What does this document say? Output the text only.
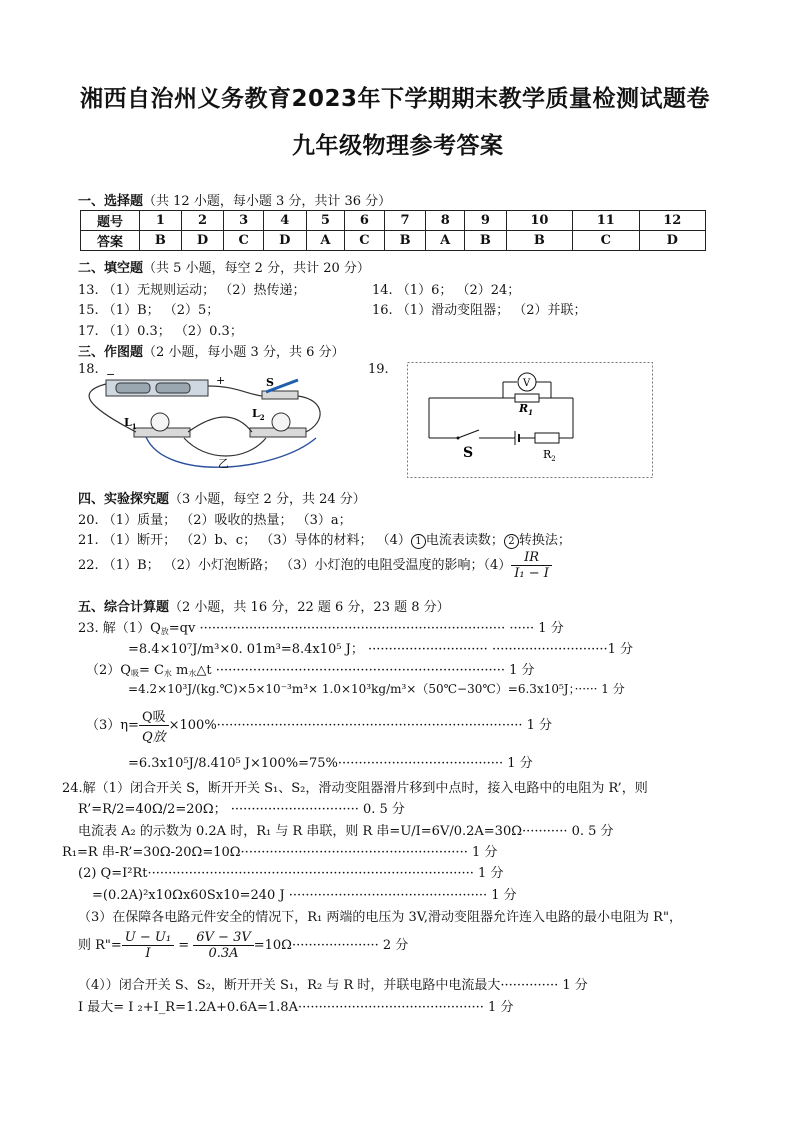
湘西自治州义务教育2023年下学期期末教学质量检测试题卷
九年级物理参考答案
一、选择题（共 12 小题，每小题 3 分，共计 36 分）
题号	1	2	3	4	5	6	7	8	9	10	11	12
答案	B	D	C	D	A	C	B	A	B	B	C	D
二、填空题（共 5 小题，每空 2 分，共计 20 分）
13. （1）无规则运动； （2）热传递；	14. （1）6； （2）24；
15. （1）B； （2）5；	16. （1）滑动变阻器； （2）并联；
17. （1）0.3； （2）0.3；
三、作图题（2 小题，每小题 3 分，共 6 分）
18.	19.
−	+	S
$L_1$
$L_2$
乙
$R_1$
V
S	$R_2$
四、实验探究题（3 小题，每空 2 分，共 24 分）
20. （1）质量； （2）吸收的热量； （3）a；
21. （1）断开； （2）b、c； （3）导体的材料； （4） 1 电流表读数； 2 转换法；
22. （1）B； （2）小灯泡断路； （3）小灯泡的电阻受温度的影响；$(4) \frac{IR}{\text{I₁ − I}}$
五、综合计算题（2 小题，共 16 分，22 题 6 分，23 题 8 分）
23. 解$(1)Q_放=qv$ ·········································································· ······ 1 分
=8.4×10⁷J/m³×0. 01m³=8.4x10⁵ J； ····························· ····························1 分
$(2)Q_吸= C_水$ $m_水\triangle t$ ······································································ 1 分
=4.2×10³J/(kg.℃)×5×10⁻³m³× 1.0×10³kg/m³×（50℃−30℃）=6.3x10⁵J；······ 1 分
$(3)\eta= \frac{\text{Q吸}}{\text{Q放}} \times 100\%\cdot\cdot\cdot\cdot\cdot\cdot\cdot\cdot\cdot\cdot\cdot\cdot\cdot\cdot\cdot\cdot\cdot\cdot\cdot\cdot\cdot\cdot\cdot\cdot\cdot\cdot\cdot\cdot\cdot\cdot\cdot\cdot\cdot\cdot\cdot\cdot\cdot\cdot\cdot\cdot\cdot\cdot\cdot\cdot\cdot\cdot\cdot\cdot\cdot\cdot\cdot\cdot\cdot\cdot\cdot\cdot\cdot\cdot\cdot\cdot\cdot\cdot\cdot\cdot\cdot\cdot\cdot\cdot\cdot\cdot\cdot\cdot\cdot\cdot 1$ 分
=6.3x10⁵J/8.410⁵ J×100%=75%········································ 1 分
24.解（1）闭合开关 S，断开开关 S₁、S₂，滑动变阻器滑片移到中点时，接入电路中的电阻为 R’，则
R’=R/2=40Ω/2=20Ω； ······························· 0. 5 分
电流表 A₂ 的示数为 0.2A 时，R₁ 与 R 串联，则 R 串=U/I=6V/0.2A=30Ω··········· 0. 5 分
R₁=R 串-R’=30Ω-20Ω=10Ω······················································· 1 分
(2) Q=I²Rt··············································································· 1 分
=(0.2A)²x10Ωx60Sx10=240 J ················································ 1 分
（3）在保障各电路元件安全的情况下，R₁ 两端的电压为 3V,滑动变阻器允许连入电路的最小电阻为 R"，
则 R"= $\frac{\text{U − U₁}}{I} = \frac{6V - 3V}{0.3A} =10\Omega\cdot\cdot\cdot\cdot\cdot\cdot\cdot\cdot\cdot\cdot\cdot\cdot\cdot\cdot\cdot\cdot\cdot\cdot\cdot\cdot\cdot 2$ 分
（4））闭合开关 S、S₂，断开开关 S₁，R₂ 与 R 时，并联电路中电流最大·············· 1 分
I 最大= I ₂+I_R=1.2A+0.6A=1.8A············································· 1 分
